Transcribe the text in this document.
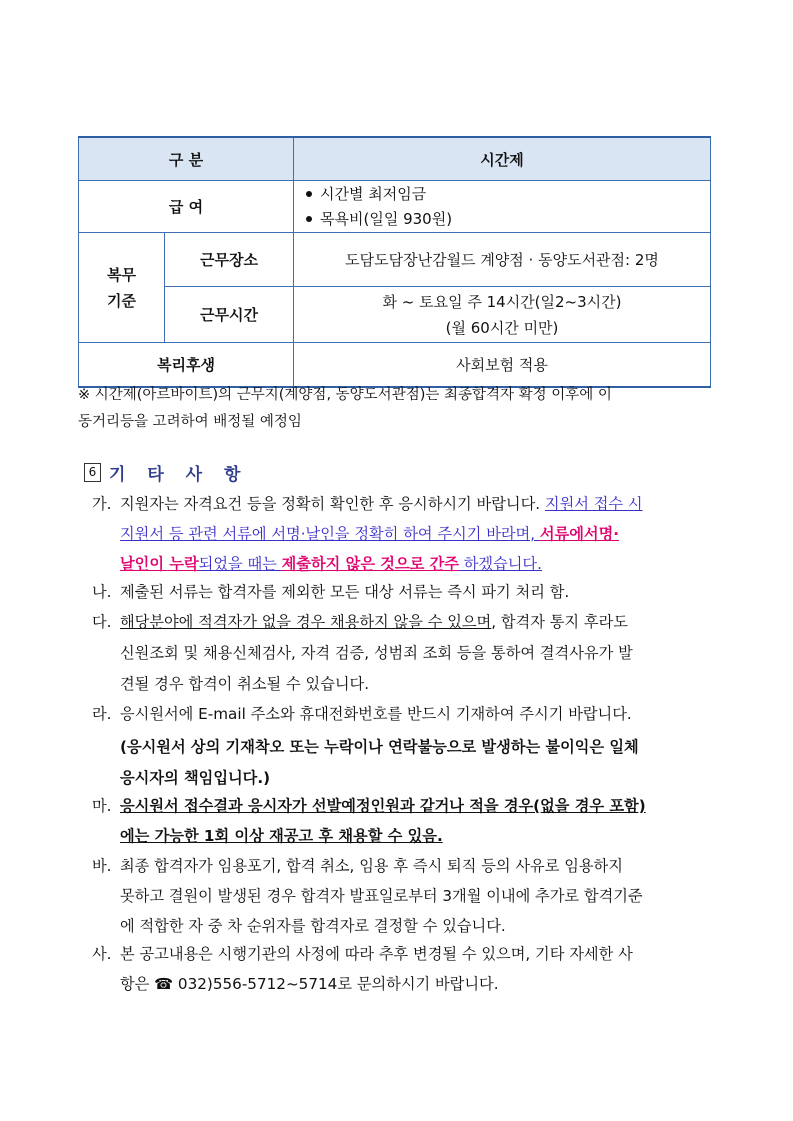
구 분		시간제
급 여		시간별 최저임금
목욕비(일일 930원)

복무
기준	근무장소	도담도담장난감월드 계양점 · 동양도서관점: 2명
	근무시간	화 ~ 토요일 주 14시간(일2~3시간)
(월 60시간 미만)

복리후생		사회보험 적용
※ 시간제(아르바이트)의 근무지(계양점, 동양도서관점)는 최종합격자 확정 이후에 이
동거리등을 고려하여 배정될 예정임
6 기 타 사 항
가. 지원자는 자격요건 등을 정확히 확인한 후 응시하시기 바랍니다. 지원서 접수 시
지원서 등 관련 서류에 서명·날인을 정확히 하여 주시기 바라며, 서류에서명·
날인이 누락되었을 때는 제출하지 않은 것으로 간주 하겠습니다.
나. 제출된 서류는 합격자를 제외한 모든 대상 서류는 즉시 파기 처리 함.
다. 해당분야에 적격자가 없을 경우 채용하지 않을 수 있으며, 합격자 통지 후라도
신원조회 및 채용신체검사, 자격 검증, 성범죄 조회 등을 통하여 결격사유가 발
견될 경우 합격이 취소될 수 있습니다.
라. 응시원서에 E-mail 주소와 휴대전화번호를 반드시 기재하여 주시기 바랍니다.
(응시원서 상의 기재착오 또는 누락이나 연락불능으로 발생하는 불이익은 일체
응시자의 책임입니다.)
마. 응시원서 접수결과 응시자가 선발예정인원과 같거나 적을 경우(없을 경우 포함)
에는 가능한 1회 이상 재공고 후 채용할 수 있음.
바. 최종 합격자가 임용포기, 합격 취소, 임용 후 즉시 퇴직 등의 사유로 임용하지
못하고 결원이 발생된 경우 합격자 발표일로부터 3개월 이내에 추가로 합격기준
에 적합한 자 중 차 순위자를 합격자로 결정할 수 있습니다.
사. 본 공고내용은 시행기관의 사정에 따라 추후 변경될 수 있으며, 기타 자세한 사
항은 ☎ 032)556-5712~5714로 문의하시기 바랍니다.
